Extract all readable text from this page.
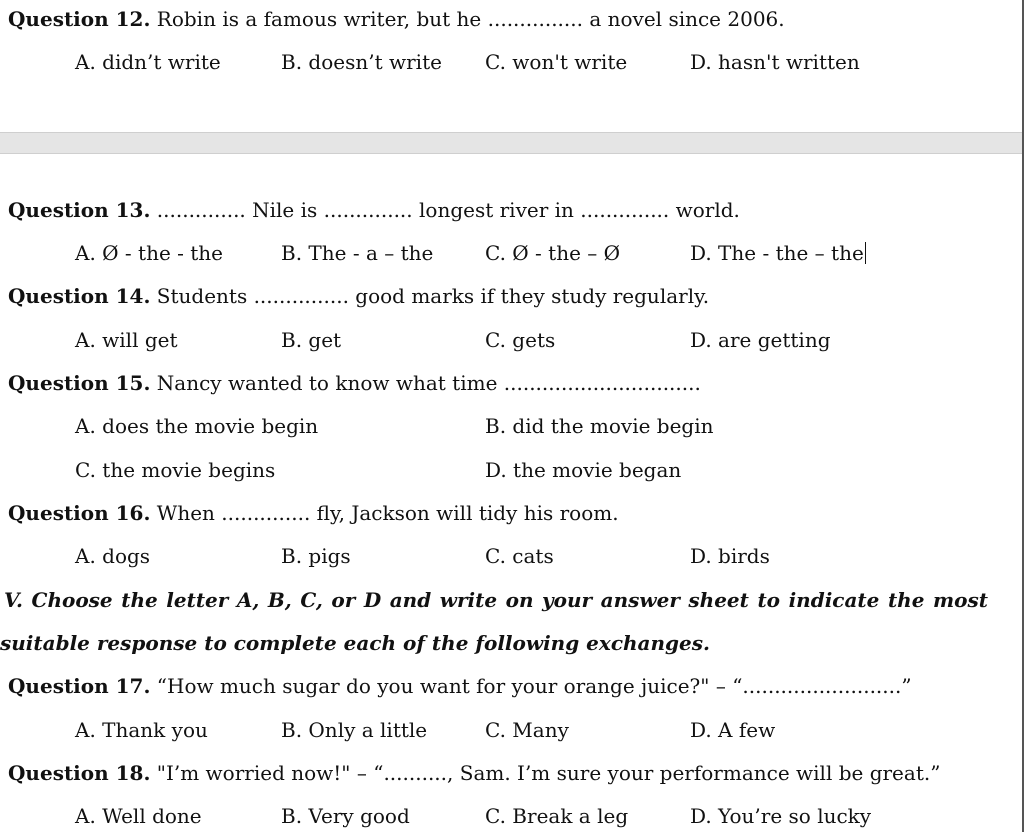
Question 12. Robin is a famous writer, but he ............... a novel since 2006.
A. didn’t write	B. doesn’t write C. won't write	D. hasn't written
Question 13. .............. Nile is .............. longest river in .............. world.
A. Ø - the - the	B. The - a – the	C. Ø - the – Ø	D. The - the – the
Question 14. Students ............... good marks if they study regularly.
A. will get	B. get	C. gets	D. are getting
Question 15. Nancy wanted to know what time ...............................
A. does the movie begin	B. did the movie begin
C. the movie begins	D. the movie began
Question 16. When .............. fly, Jackson will tidy his room.
A. dogs	B. pigs	C. cats	D. birds
V. Choose the letter A, B, C, or D and write on your answer sheet to indicate the most
suitable response to complete each of the following exchanges.
Question 17. “How much sugar do you want for your orange juice?" – “.........................”
A. Thank you	B. Only a little	C. Many	D. A few
Question 18. "I’m worried now!" – “.........., Sam. I’m sure your performance will be great.”
A. Well done	B. Very good	C. Break a leg	D. You’re so lucky
